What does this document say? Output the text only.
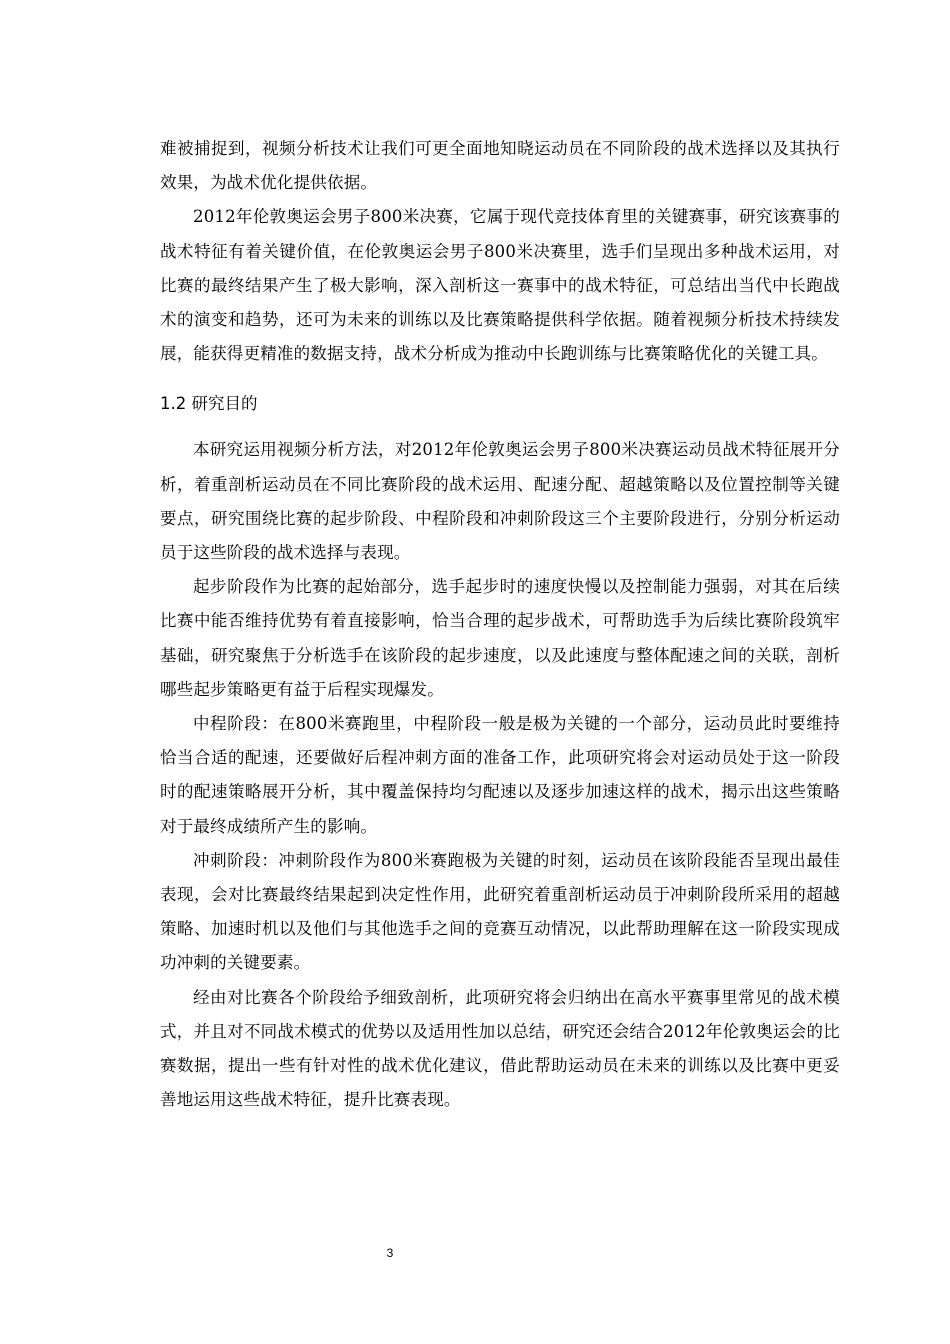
难被捕捉到，视频分析技术让我们可更全面地知晓运动员在不同阶段的战术选择以及其执行效果，为战术优化提供依据。

2012年伦敦奥运会男子800米决赛，它属于现代竞技体育里的关键赛事，研究该赛事的战术特征有着关键价值，在伦敦奥运会男子800米决赛里，选手们呈现出多种战术运用，对比赛的最终结果产生了极大影响，深入剖析这一赛事中的战术特征，可总结出当代中长跑战术的演变和趋势，还可为未来的训练以及比赛策略提供科学依据。随着视频分析技术持续发展，能获得更精准的数据支持，战术分析成为推动中长跑训练与比赛策略优化的关键工具。

1.2 研究目的

本研究运用视频分析方法，对2012年伦敦奥运会男子800米决赛运动员战术特征展开分析，着重剖析运动员在不同比赛阶段的战术运用、配速分配、超越策略以及位置控制等关键要点，研究围绕比赛的起步阶段、中程阶段和冲刺阶段这三个主要阶段进行，分别分析运动员于这些阶段的战术选择与表现。

起步阶段作为比赛的起始部分，选手起步时的速度快慢以及控制能力强弱，对其在后续比赛中能否维持优势有着直接影响，恰当合理的起步战术，可帮助选手为后续比赛阶段筑牢基础，研究聚焦于分析选手在该阶段的起步速度，以及此速度与整体配速之间的关联，剖析哪些起步策略更有益于后程实现爆发。

中程阶段：在800米赛跑里，中程阶段一般是极为关键的一个部分，运动员此时要维持恰当合适的配速，还要做好后程冲刺方面的准备工作，此项研究将会对运动员处于这一阶段时的配速策略展开分析，其中覆盖保持均匀配速以及逐步加速这样的战术，揭示出这些策略对于最终成绩所产生的影响。

冲刺阶段：冲刺阶段作为800米赛跑极为关键的时刻，运动员在该阶段能否呈现出最佳表现，会对比赛最终结果起到决定性作用，此研究着重剖析运动员于冲刺阶段所采用的超越策略、加速时机以及他们与其他选手之间的竞赛互动情况，以此帮助理解在这一阶段实现成功冲刺的关键要素。

经由对比赛各个阶段给予细致剖析，此项研究将会归纳出在高水平赛事里常见的战术模式，并且对不同战术模式的优势以及适用性加以总结，研究还会结合2012年伦敦奥运会的比赛数据，提出一些有针对性的战术优化建议，借此帮助运动员在未来的训练以及比赛中更妥善地运用这些战术特征，提升比赛表现。

3
